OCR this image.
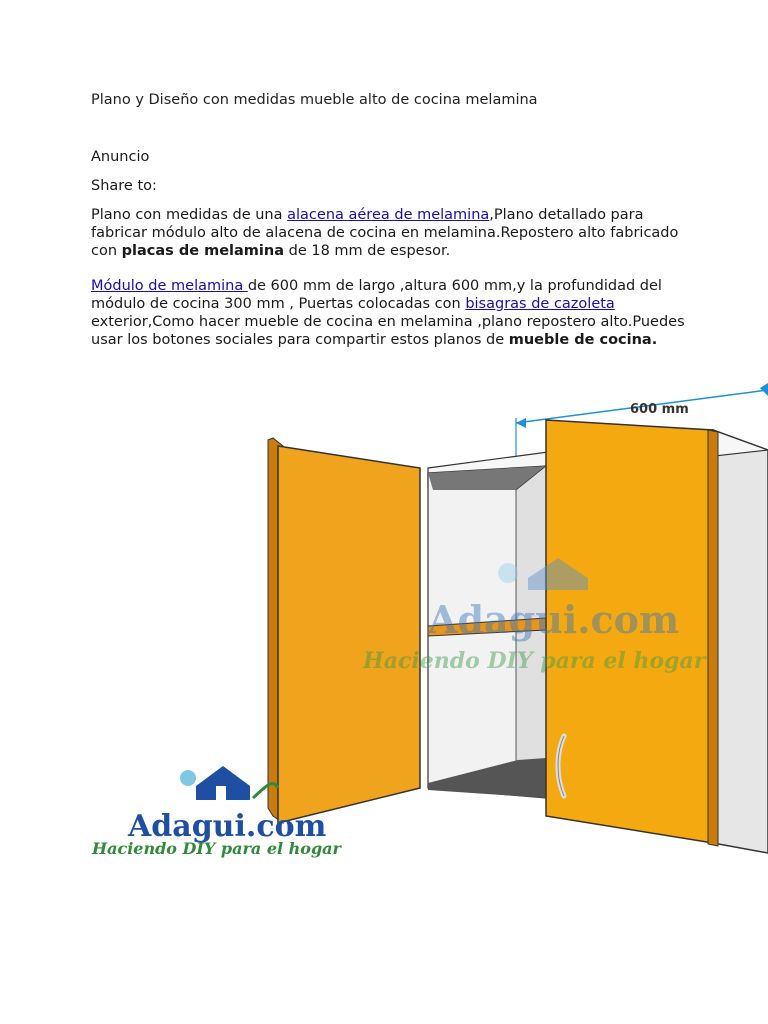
Plano y Diseño con medidas mueble alto de cocina melamina
Anuncio
Share to:
Plano con medidas de una alacena aérea de melamina,Plano detallado para fabricar módulo alto de alacena de cocina en melamina.Repostero alto fabricado con placas de melamina de 18 mm de espesor.
Módulo de melamina de 600 mm de largo ,altura 600 mm,y la profundidad del módulo de cocina 300 mm , Puertas colocadas con bisagras de cazoleta exterior,Como hacer mueble de cocina en melamina ,plano repostero alto.Puedes usar los botones sociales para compartir estos planos de mueble de cocina.
600 mm
Adagui.com
Haciendo DIY para el hogar
Adagui.com
Haciendo DIY para el hogar
